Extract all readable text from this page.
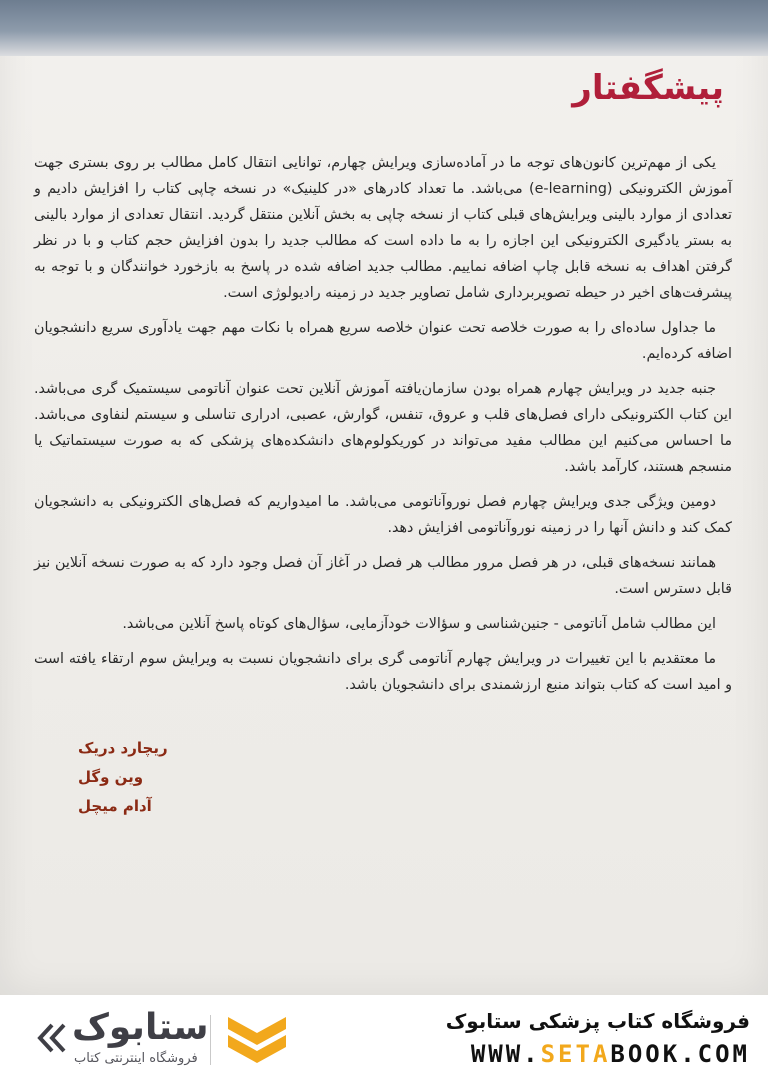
پیشگفتار

یکی از مهم‌ترین کانون‌های توجه ما در آماده‌سازی ویرایش چهارم، توانایی انتقال کامل مطالب بر روی بستری جهت آموزش الکترونیکی (e-learning) می‌باشد. ما تعداد کادرهای «در کلینیک» در نسخه چاپی کتاب را افزایش دادیم و تعدادی از موارد بالینی ویرایش‌های قبلی کتاب از نسخه چاپی به بخش آنلاین منتقل گردید. انتقال تعدادی از موارد بالینی به بستر یادگیری الکترونیکی این اجازه را به ما داده است که مطالب جدید را بدون افزایش حجم کتاب و با در نظر گرفتن اهداف به نسخه قابل چاپ اضافه نماییم. مطالب جدید اضافه شده در پاسخ به بازخورد خوانندگان و با توجه به پیشرفت‌های اخیر در حیطه تصویربرداری شامل تصاویر جدید در زمینه رادیولوژی است.

ما جداول ساده‌ای را به صورت خلاصه تحت عنوان خلاصه سریع همراه با نکات مهم جهت یادآوری سریع دانشجویان اضافه کرده‌ایم.

جنبه جدید در ویرایش چهارم همراه بودن سازمان‌یافته آموزش آنلاین تحت عنوان آناتومی سیستمیک گری می‌باشد. این کتاب الکترونیکی دارای فصل‌های قلب و عروق، تنفس، گوارش، عصبی، ادراری تناسلی و سیستم لنفاوی می‌باشد. ما احساس می‌کنیم این مطالب مفید می‌تواند در کوریکولوم‌های دانشکده‌های پزشکی که به صورت سیستماتیک یا منسجم هستند، کارآمد باشد.

دومین ویژگی جدی ویرایش چهارم فصل نوروآناتومی می‌باشد. ما امیدواریم که فصل‌های الکترونیکی به دانشجویان کمک کند و دانش آنها را در زمینه نوروآناتومی افزایش دهد.

همانند نسخه‌های قبلی، در هر فصل مرور مطالب هر فصل در آغاز آن فصل وجود دارد که به صورت نسخه آنلاین نیز قابل دسترس است.

این مطالب شامل آناتومی - جنین‌شناسی و سؤالات خودآزمایی، سؤال‌های کوتاه پاسخ آنلاین می‌باشد.

ما معتقدیم با این تغییرات در ویرایش چهارم آناتومی گری برای دانشجویان نسبت به ویرایش سوم ارتقاء یافته است و امید است که کتاب بتواند منبع ارزشمندی برای دانشجویان باشد.

ریچارد دریک
وین وگل
آدام میچل
ستابوک
فروشگاه اینترنتی کتاب
فروشگاه کتاب پزشکی ستابوک
WWW.SETABOOK.COM
